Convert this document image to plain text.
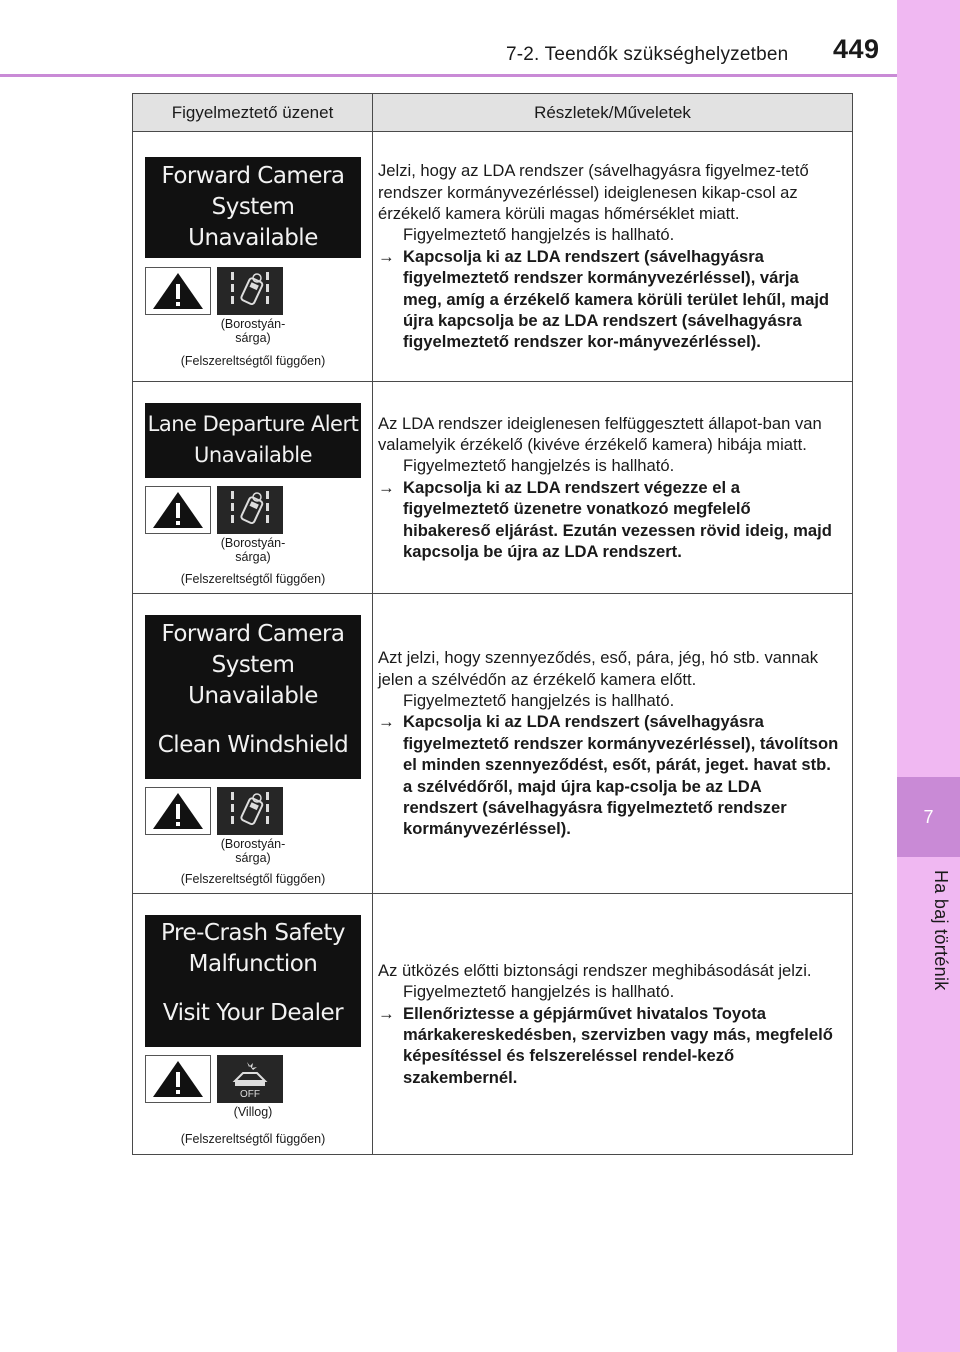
7-2. Teendők szükséghelyzetben 449
7
Ha baj történik
Figyelmeztető üzenet	Részletek/Műveletek
Forward Camera
System
Unavailable
(Borostyán-
sárga)
(Felszereltségtől függően)
Jelzi, hogy az LDA rendszer (sávelhagyásra figyelmez-tető rendszer kormányvezérléssel) ideiglenesen kikap-csol az érzékelő kamera körüli magas hőmérséklet miatt.
Figyelmeztető hangjelzés is hallható.
→ Kapcsolja ki az LDA rendszert (sávelhagyásra figyelmeztető rendszer kormányvezérléssel), várja meg, amíg a érzékelő kamera körüli terület lehűl, majd újra kapcsolja be az LDA rendszert (sávelhagyásra figyelmeztető rendszer kor-mányvezérléssel).
Lane Departure Alert
Unavailable
(Borostyán-
sárga)
(Felszereltségtől függően)
Az LDA rendszer ideiglenesen felfüggesztett állapot-ban van valamelyik érzékelő (kivéve érzékelő kamera) hibája miatt.
Figyelmeztető hangjelzés is hallható.
→ Kapcsolja ki az LDA rendszert végezze el a figyelmeztető üzenetre vonatkozó megfelelő hibakereső eljárást. Ezután vezessen rövid ideig, majd kapcsolja be újra az LDA rendszert.
Forward Camera
System
Unavailable
Clean Windshield
(Borostyán-
sárga)
(Felszereltségtől függően)
Azt jelzi, hogy szennyeződés, eső, pára, jég, hó stb. vannak jelen a szélvédőn az érzékelő kamera előtt.
Figyelmeztető hangjelzés is hallható.
→ Kapcsolja ki az LDA rendszert (sávelhagyásra figyelmeztető rendszer kormányvezérléssel), távolítson el minden szennyeződést, esőt, párát, jeget. havat stb. a szélvédőről, majd újra kap-csolja be az LDA rendszert (sávelhagyásra figyelmeztető rendszer kormányvezérléssel).
Pre-Crash Safety
Malfunction
Visit Your Dealer
OFF
(Villog)
(Felszereltségtől függően)
Az ütközés előtti biztonsági rendszer meghibásodását jelzi.
Figyelmeztető hangjelzés is hallható.
→ Ellenőriztesse a gépjárművet hivatalos Toyota márkakereskedésben, szervizben vagy más, megfelelő képesítéssel és felszereléssel rendel-kező szakembernél.
